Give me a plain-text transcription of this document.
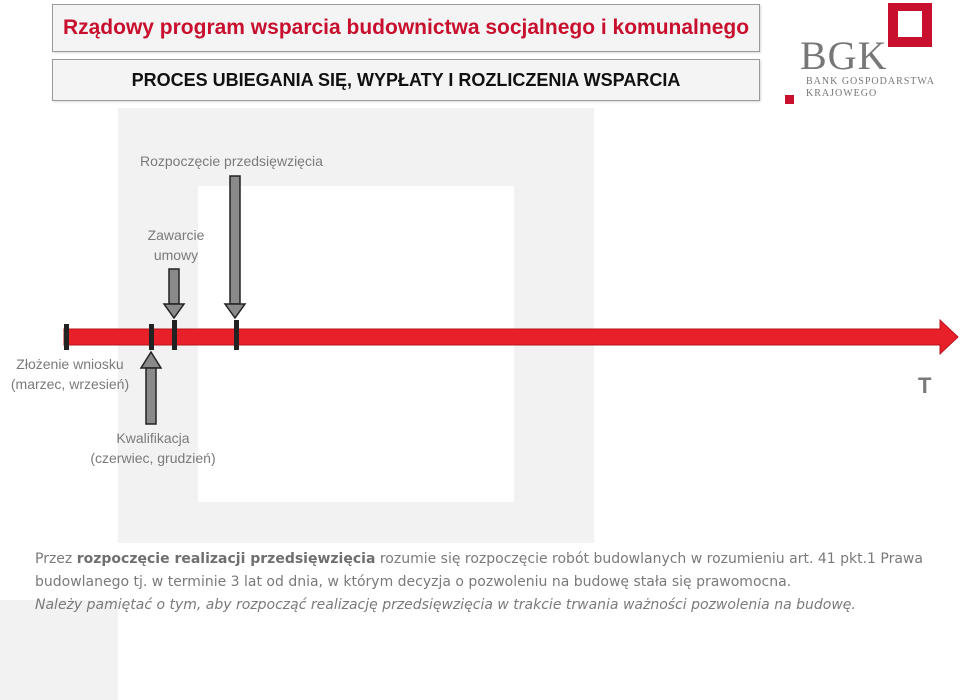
Rządowy program wsparcia budownictwa socjalnego i komunalnego
PROCES UBIEGANIA SIĘ, WYPŁATY I ROZLICZENIA WSPARCIA
BGK
BANK GOSPODARSTWA
KRAJOWEGO
Rozpoczęcie przedsięwzięcia
Zawarcie
umowy
Złożenie wniosku
(marzec, wrzesień)
Kwalifikacja
(czerwiec, grudzień)
T
Przez rozpoczęcie realizacji przedsięwzięcia rozumie się rozpoczęcie robót budowlanych w rozumieniu art. 41 pkt.1 Prawa budowlanego tj. w terminie 3 lat od dnia, w którym decyzja o pozwoleniu na budowę stała się prawomocna.
Należy pamiętać o tym, aby rozpocząć realizację przedsięwzięcia w trakcie trwania ważności pozwolenia na budowę.
